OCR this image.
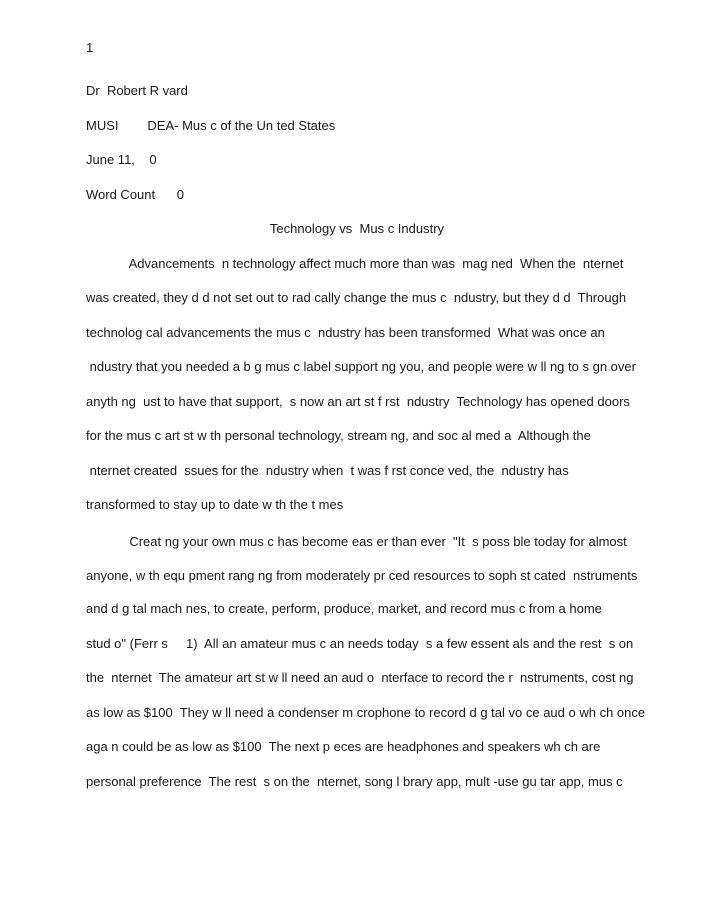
1
Dr  Robert R vard
MUSI        DEA- Mus c of the Un ted States
June 11,    0
Word Count      0
Technology vs  Mus c Industry
Advancements  n technology affect much more than was  mag ned  When the  nternet
was created, they d d not set out to rad cally change the mus c  ndustry, but they d d  Through
technolog cal advancements the mus c  ndustry has been transformed  What was once an
ndustry that you needed a b g mus c label support ng you, and people were w ll ng to s gn over
anyth ng  ust to have that support,  s now an art st f rst  ndustry  Technology has opened doors
for the mus c art st w th personal technology, stream ng, and soc al med a  Although the
nternet created  ssues for the  ndustry when  t was f rst conce ved, the  ndustry has
transformed to stay up to date w th the t mes
Creat ng your own mus c has become eas er than ever  "It  s poss ble today for almost
anyone, w th equ pment rang ng from moderately pr ced resources to soph st cated  nstruments
and d g tal mach nes, to create, perform, produce, market, and record mus c from a home
stud o" (Ferr s     1)  All an amateur mus c an needs today  s a few essent als and the rest  s on
the  nternet  The amateur art st w ll need an aud o  nterface to record the r  nstruments, cost ng
as low as $100  They w ll need a condenser m crophone to record d g tal vo ce aud o wh ch once
aga n could be as low as $100  The next p eces are headphones and speakers wh ch are
personal preference  The rest  s on the  nternet, song l brary app, mult -use gu tar app, mus c
